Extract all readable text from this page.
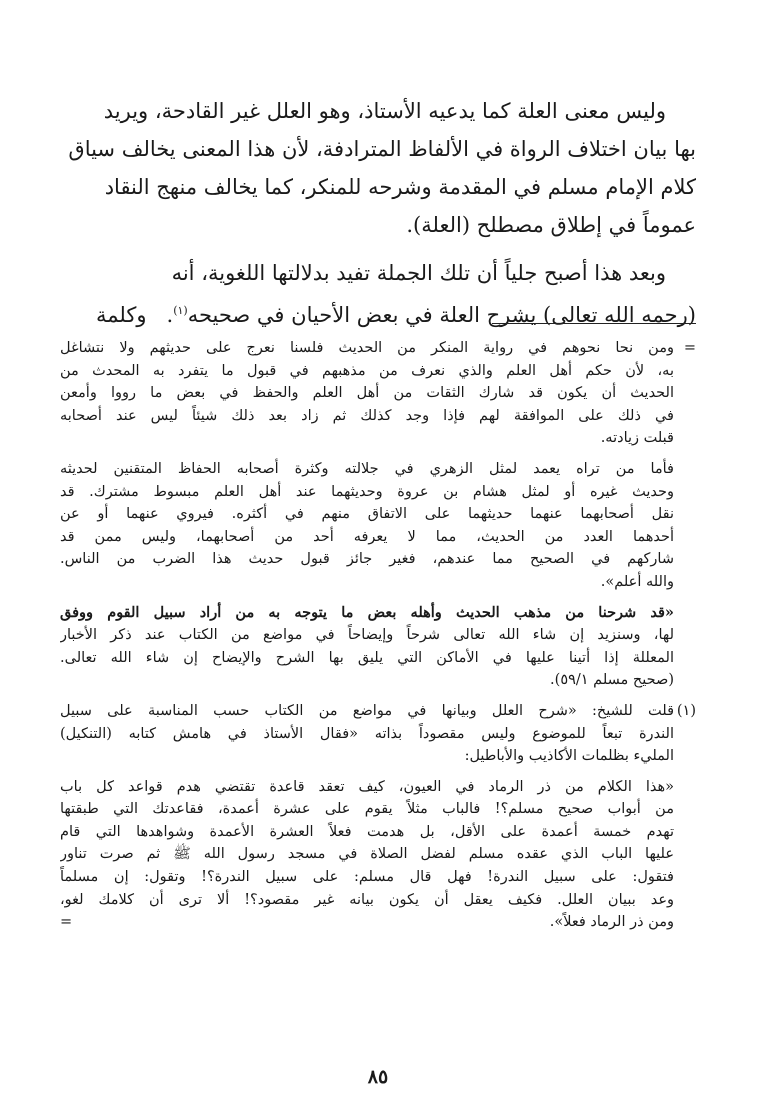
وليس معنى العلة كما يدعيه الأستاذ، وهو العلل غير القادحة، ويريد

بها بيان اختلاف الرواة في الألفاظ المترادفة، لأن هذا المعنى يخالف سياق

كلام الإمام مسلم في المقدمة وشرحه للمنكر، كما يخالف منهج النقاد

عموماً في إطلاق مصطلح (العلة).

وبعد هذا أصبح جلياً أن تلك الجملة تفيد بدلالتها اللغوية، أنه

(رحمه الله تعالى) يشرح العلة في بعض الأحيان في صحيحه$^{(١)}$.   وكلمة

=

ومن نحا نحوهم في رواية المنكر من الحديث فلسنا نعرج على حديثهم ولا نتشاغل

به، لأن حكم أهل العلم والذي نعرف من مذهبهم في قبول ما يتفرد به المحدث من

الحديث أن يكون قد شارك الثقات من أهل العلم والحفظ في بعض ما رووا وأمعن

في ذلك على الموافقة لهم فإذا وجد كذلك ثم زاد بعد ذلك شيئاً ليس عند أصحابه

قبلت زيادته.

فأما من تراه يعمد لمثل الزهري في جلالته وكثرة أصحابه الحفاظ المتقنين لحديثه

وحديث غيره أو لمثل هشام بن عروة وحديثهما عند أهل العلم مبسوط مشترك. قد

نقل أصحابهما عنهما حديثهما على الاتفاق منهم في أكثره. فيروي عنهما أو عن

أحدهما العدد من الحديث، مما لا يعرفه أحد من أصحابهما، وليس ممن قد

شاركهم في الصحيح مما عندهم، فغير جائز قبول حديث هذا الضرب من الناس.

والله أعلم».

«قد شرحنا من مذهب الحديث وأهله بعض ما يتوجه به من أراد سبيل القوم ووفق

لها، وسنزيد إن شاء الله تعالى شرحاً وإيضاحاً في مواضع من الكتاب عند ذكر الأخبار

المعللة إذا أتينا عليها في الأماكن التي يليق بها الشرح والإيضاح إن شاء الله تعالى.

(صحيح مسلم ٥٩/١).

(١)

قلت للشيخ: «شرح العلل وبيانها في مواضع من الكتاب حسب المناسبة على سبيل

الندرة تبعاً للموضوع وليس مقصوداً بذاته «فقال الأستاذ في هامش كتابه (التنكيل)

المليء بظلمات الأكاذيب والأباطيل:

«هذا الكلام من ذر الرماد في العيون، كيف تعقد قاعدة تقتضي هدم قواعد كل باب

من أبواب صحيح مسلم؟! فالباب مثلاً يقوم على عشرة أعمدة، فقاعدتك التي طبقتها

تهدم خمسة أعمدة على الأقل، بل هدمت فعلاً العشرة الأعمدة وشواهدها التي قام

عليها الباب الذي عقده مسلم لفضل الصلاة في مسجد رسول الله ﷺ ثم صرت تناور

فتقول: على سبيل الندرة! فهل قال مسلم: على سبيل الندرة؟! وتقول: إن مسلماً

وعد ببيان العلل. فكيف يعقل أن يكون بيانه غير مقصود؟! ألا ترى أن كلامك لغو،

ومن ذر الرماد فعلاً».

=
٨٥
